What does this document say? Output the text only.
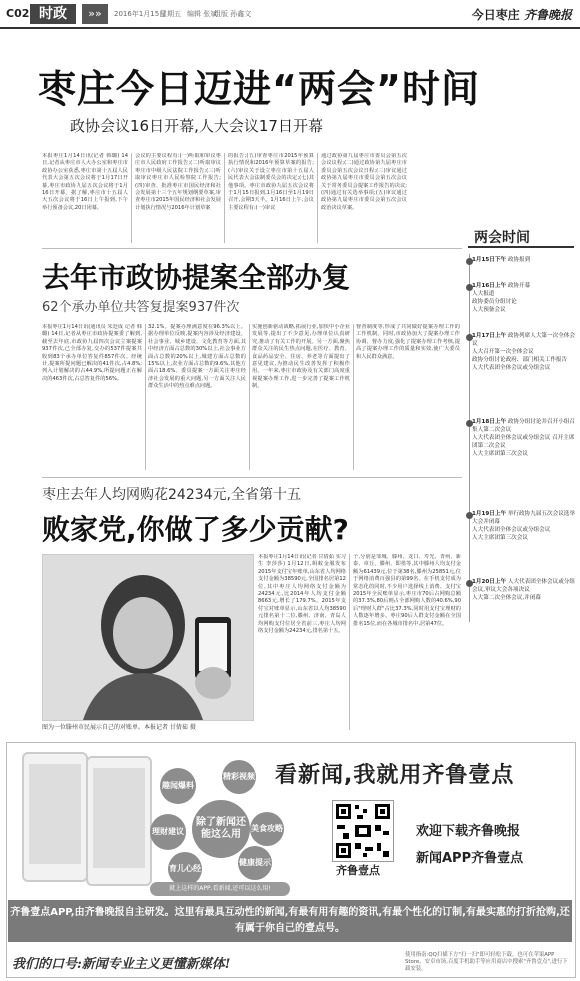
C02 时政	»»	2016年1月15日
星期五 编辑 张斌
组版 孙鑫文	今日枣庄 齐鲁晚报
枣庄今日迈进“两会”时间
政协会议16日开幕,人大会议17日开幕
本报枣庄1月14日讯(记者 韩璐) 14日,记者从枣庄市人大办公室和枣庄市政协办公室获悉,枣庄市第十五届人民代表大会第五次会议将于1月17日开幕,枣庄市政协九届五次会议将于1月16日开幕。据了解,枣庄市十五届人大五次会议将于16日上午报到,下午举行预备会议,20日闭幕。
会议的主要议程有:(一)听取和审议枣庄市人民政府工作报告;(二)听取审议枣庄市中级人民法院工作报告;(三)听取审议枣庄市人民检察院工作报告;(四)审查、批准枣庄市国民经济和社会发展第十三个五年规划纲要草案,审查枣庄市2015年国民经济和社会发展计划执行情况与2016年计划草案
的报告;(五)审查枣庄市2015年预算执行情况和2016年预算草案的报告;(六)审议关于设立枣庄市第十五届人民代表大会法制委员会的决定;(七)其他事项。枣庄市政协九届五次会议将于1月15日报到,1月16日至1月19日召开,会期3天半。1月16日上午,会议主要议程有:(一)审议
通过政协第九届枣庄市委员会第五次会议议程;(二)通过政协第九届枣庄市委员会第五次会议日程;(三)审议通过政协第九届枣庄市委员会第五次会议关于常务委员会提案工作报告的决议;(四)通过有关选举事项;(五)审议通过政协第九届枣庄市委员会第五次会议政治决议草案。
去年市政协提案全部办复
62个承办单位共答复提案937件次
本报枣庄1月14日讯(通讯员 朱廷成 记者 韩璐) 14日,记者从枣庄市政协提案委了解到,截至去年底,市政协九届四次会议立案提案937件次,已全部办复,交办的537件提案共收到83个承办单位答复件857件次。经统计,提案所提问题已解决的41件次,占4.8%;列入计划解决的占44.9%,所提问题正在解决的463件次,占总答复件的56%。
32.1%。提案办理满意度在96.3%以上。据办理单位反映,提案内容涉及经济建设、社会事业、城乡建设、文化教育等方面,其中经济方面占总数的30%以上,社会事业方面占总数的20%以上,城建方面占总数的15%以上,农业方面占总数的9.6%,其他方面占18.6%。委员提案一方面关注枣庄经济社会发展的重大问题,另一方面关注人民群众生活中的热点难点问题。
实施创新驱动战略,拓展行业,加快中小企业发展等,提出了不少意见,办理单位认真研究,推动了有关工作的开展。另一方面,聚焦群众关注的民生热点问题,在医疗、教育、食品药品安全、住房、养老等方面提出了意见建议,为推动民生改善发挥了积极作用。一年来,枣庄市政协及有关部门高度重视提案办理工作,进一步完善了提案工作机制。
督查制度等,形成了共同做好提案办理工作的工作机制。同时,市政协加大了提案办理工作协调、督办力度,强化了提案办理工作考核,提高了提案办理工作的质量和实效,使广大委员和人民群众满意。
枣庄去年人均网购花24234元,全省第十五
败家党,你做了多少贡献?
图为一位滕州市民展示自己的对账单。本报记者 甘倩茹 摄
本报枣庄1月14日讯(记者 甘倩茹 实习生 李莎莎) 1月12日,蚂蚁金服发布2015年支付宝年账单,山东省人均网络支付金额为38590元,全国排名居第12位,其中枣庄人均网络支付金额为24234元,比2014年人均支付金额8663元,增长了179.7%。2015年支付宝对账单显示,山东省以人均38590元排名第十二位,滕州、济南、青岛人均网购支付位居全省前三,枣庄人均网络支付金额为24234元,排名第十五。
个,分别是邹城、滕州、龙口、寿光、青州、新泰、章丘、滕州、即墨等,其中滕州人均支付金额为61439元,位于第38名,滕州为25851元,位于网络消费百强县的第99名。在手机支付成为常态化的同时,不少用户选择线上消费。支付宝2015年全民账单显示,枣庄市70后占网购总额的37.3%,80后则占全部网购人数的40.6%,90后"理财人群"占比37.3%,同时用支付宝理财的人数逐年增多。枣庄90后人群支付金额在全国排名15位,而在各城市排名中,居第47位。
两会时间
1月15日下午 政协报到
1月16日上午 政协开幕
人大报道
政协委员分组讨论
人大预备会议
1月17日上午 政协列席人大第一次全体会议
人大召开第一次全体会议
政协分组讨论政府、部门相关工作报告
人大代表团全体会议或分组会议
1月18日上午 政协分组讨论并召开小组召集人第二次会议
人大代表团全体会议或分组会议 召开主席团第二次会议
人大主席团第三次会议
1月19日上午 举行政协九届五次会议选举大会并闭幕
人大代表团全体会议或分组会议
人大主席团第三次会议
1月20日上午 人大代表团全体会议或分组会议,审议大会各项决议
人大第二次全体会议,并闭幕
趣闻爆料
精彩视频
理财建议
除了新闻还能这么用
美食攻略
育儿心经
健康提示
就上这样的APP,看新闻,还可以这么用!
看新闻,我就用齐鲁壹点
齐鲁壹点
欢迎下载齐鲁晚报
新闻APP齐鲁壹点
齐鲁壹点APP,由齐鲁晚报自主研发。这里有最具互动性的新闻,有最有用有趣的资讯,有最个性化的订制,有最实惠的打折抢购,还有属于你自己的壹点号。
我们的口号:新闻专业主义更懂新媒体!
使用指南:QQ扫描下方"扫一扫"即可轻松下载。也可在苹果APP Store、安卓市场,百度手机助手等应用商店中搜索"齐鲁壹点",进行下载安装。
